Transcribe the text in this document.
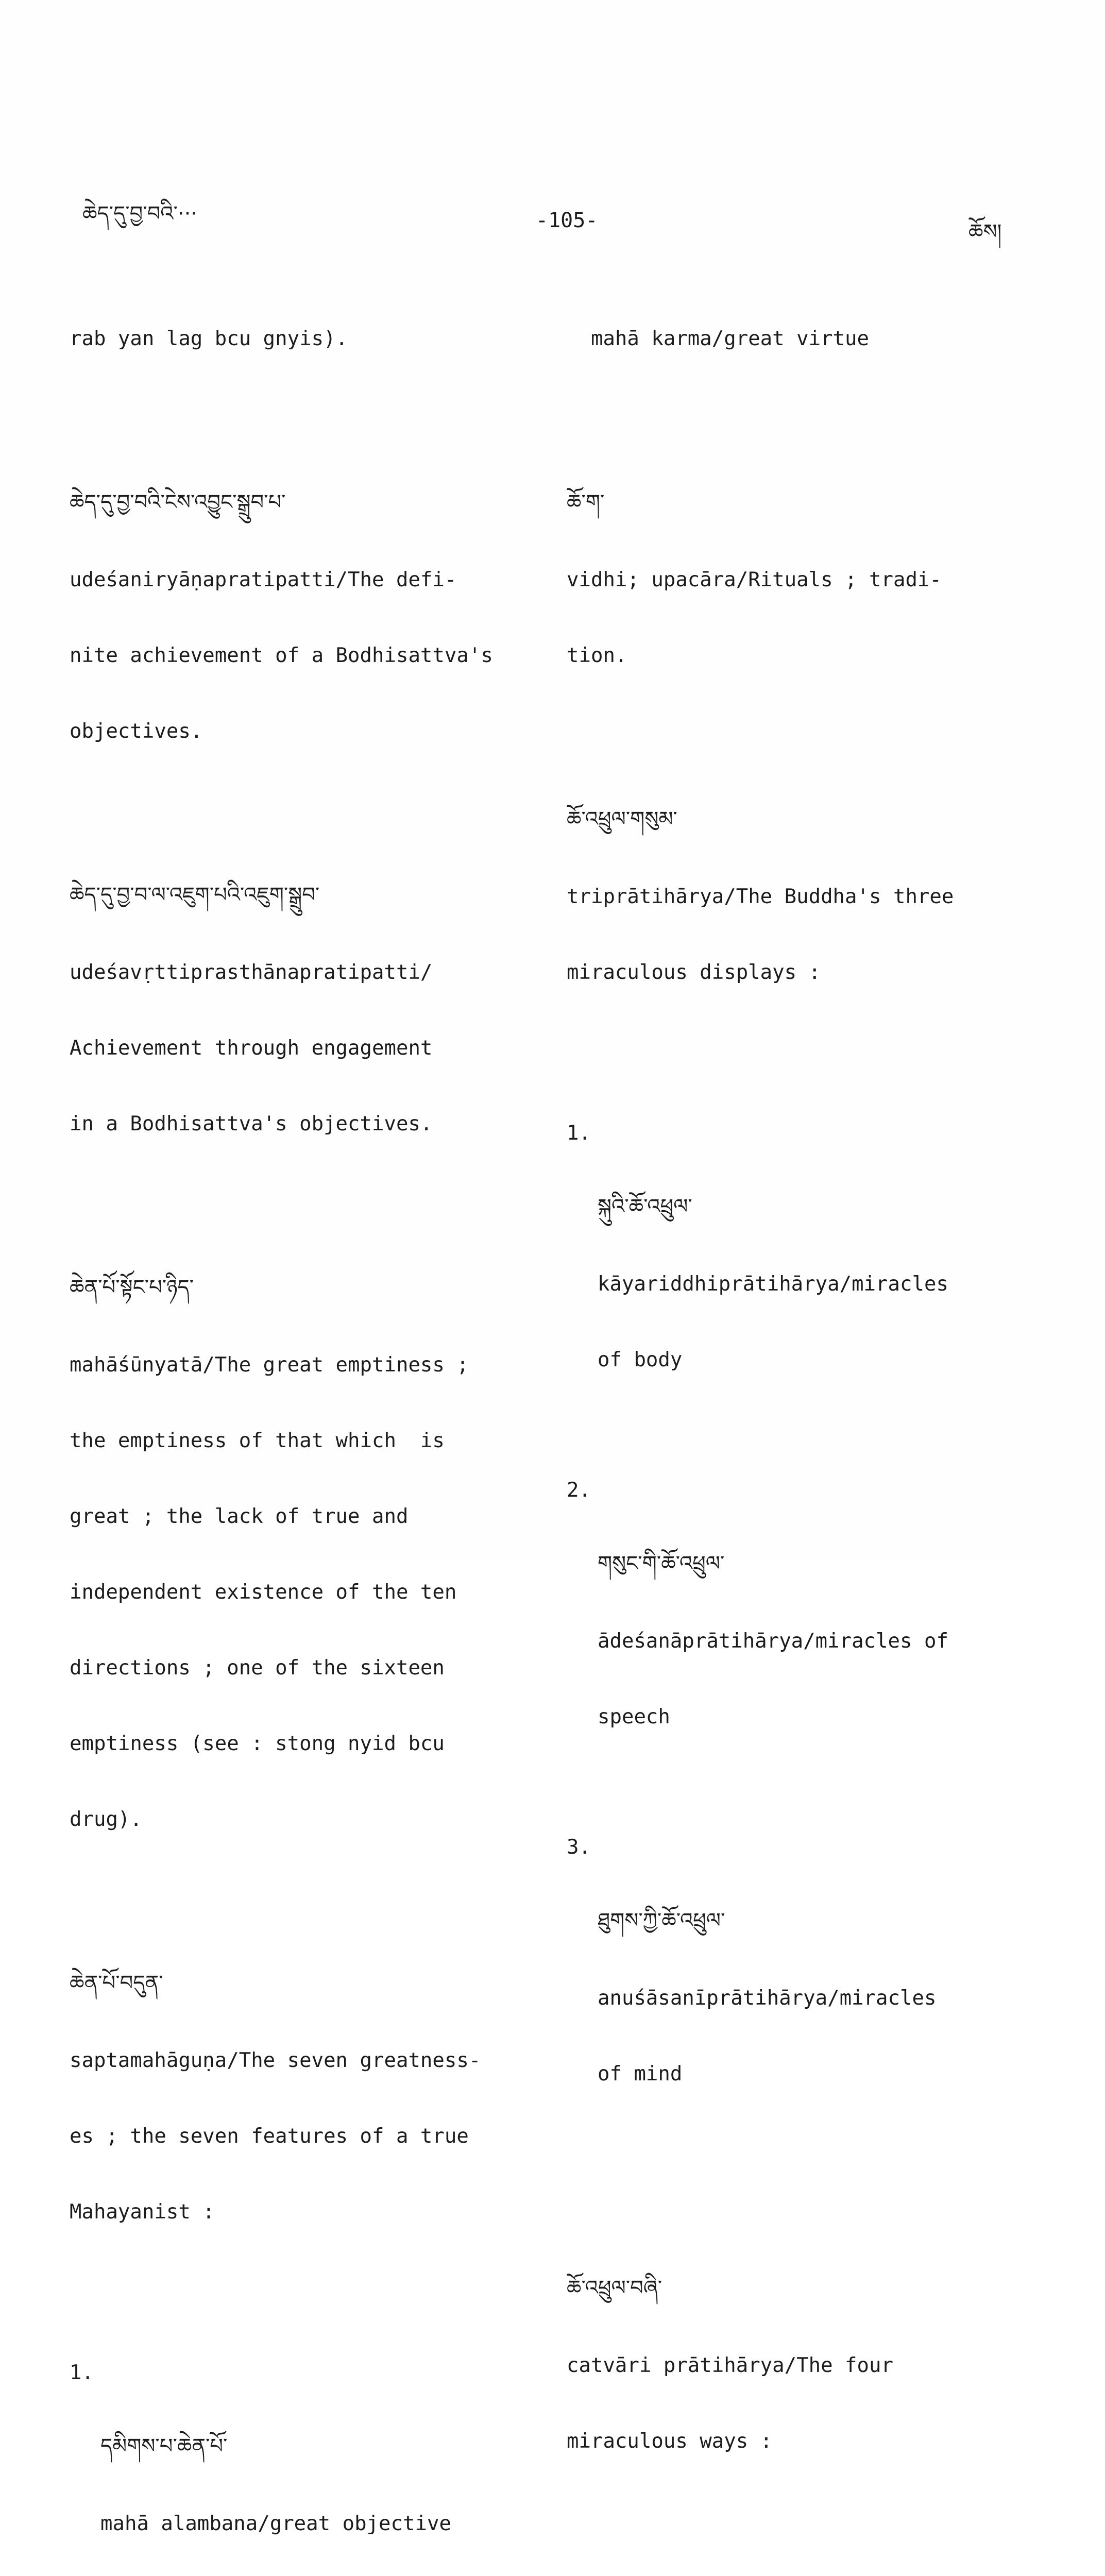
ཆེད་དུ་བྱ་བའི་···	-105-	ཆོས།

rab yan lag bcu gnyis).

ཆེད་དུ་བྱ་བའི་ངེས་འབྱུང་སྒྲུབ་པ་

udeśaniryāṇapratipatti/The defi-

nite achievement of a Bodhisattva's

objectives.

ཆེད་དུ་བྱ་བ་ལ་འཇུག་པའི་འཇུག་སྒྲུབ་

udeśavṛttiprasthānapratipatti/

Achievement through engagement

in a Bodhisattva's objectives.

ཆེན་པོ་སྟོང་པ་ཉིད་

mahāśūnyatā/The great emptiness ;

the emptiness of that which  is

great ; the lack of true and

independent existence of the ten

directions ; one of the sixteen

emptiness (see : stong nyid bcu

drug).

ཆེན་པོ་བདུན་

saptamahāguṇa/The seven greatness-

es ; the seven features of a true

Mahayanist :

1.

དམིགས་པ་ཆེན་པོ་

mahā alambana/great objective

mahā karma/great virtue

ཆོ་ག་

vidhi; upacāra/Rituals ; tradi-

tion.

ཆོ་འཕྲུལ་གསུམ་

triprātihārya/The Buddha's three

miraculous displays :

1.

སྐུའི་ཆོ་འཕྲུལ་

kāyariddhiprātihārya/miracles

of body

2.

གསུང་གི་ཆོ་འཕྲུལ་

ādeśanāprātihārya/miracles of

speech

3.

ཐུགས་ཀྱི་ཆོ་འཕྲུལ་

anuśāsanīprātihārya/miracles

of mind

ཆོ་འཕྲུལ་བཞི་

catvāri prātihārya/The four

miraculous ways :
